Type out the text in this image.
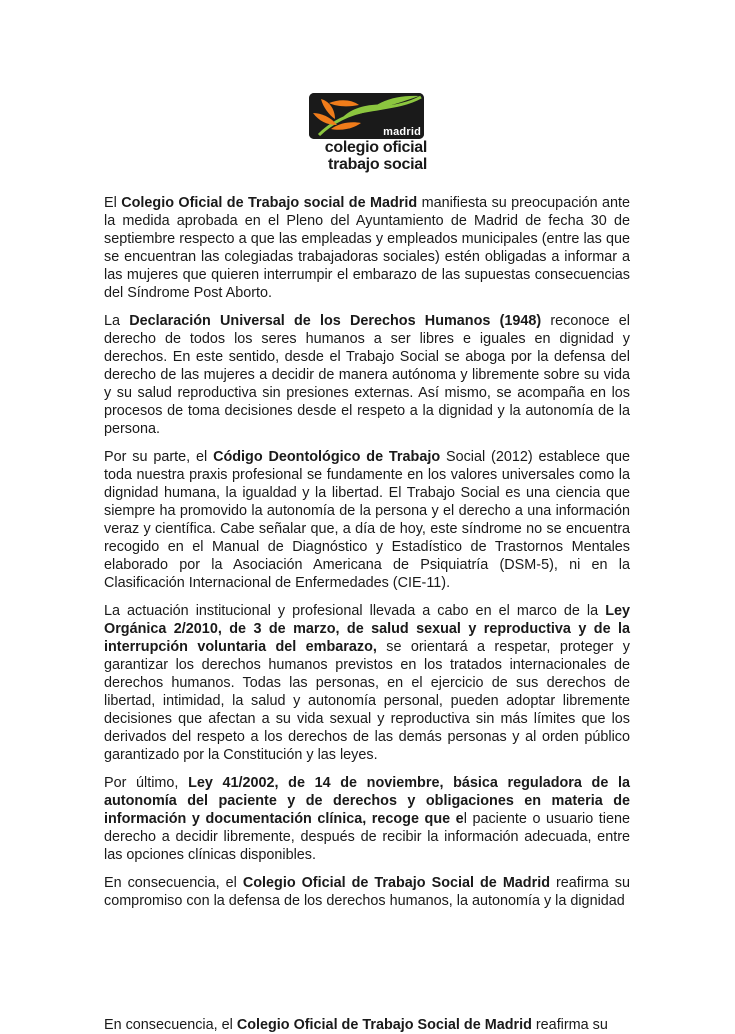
madrid
colegio oficial
trabajo social

El Colegio Oficial de Trabajo social de Madrid manifiesta su preocupación ante la medida aprobada en el Pleno del Ayuntamiento de Madrid de fecha 30 de septiembre respecto a que las empleadas y empleados municipales (entre las que se encuentran las colegiadas trabajadoras sociales) estén obligadas a informar a las mujeres que quieren interrumpir el embarazo de las supuestas consecuencias del Síndrome Post Aborto.

La Declaración Universal de los Derechos Humanos (1948) reconoce el derecho de todos los seres humanos a ser libres e iguales en dignidad y derechos. En este sentido, desde el Trabajo Social se aboga por la defensa del derecho de las mujeres a decidir de manera autónoma y libremente sobre su vida y su salud reproductiva sin presiones externas. Así mismo, se acompaña en los procesos de toma decisiones desde el respeto a la dignidad y la autonomía de la persona.

Por su parte, el Código Deontológico de Trabajo Social (2012) establece que toda nuestra praxis profesional se fundamente en los valores universales como la dignidad humana, la igualdad y la libertad. El Trabajo Social es una ciencia que siempre ha promovido la autonomía de la persona y el derecho a una información veraz y científica. Cabe señalar que, a día de hoy, este síndrome no se encuentra recogido en el Manual de Diagnóstico y Estadístico de Trastornos Mentales elaborado por la Asociación Americana de Psiquiatría (DSM-5), ni en la Clasificación Internacional de Enfermedades (CIE-11).

La actuación institucional y profesional llevada a cabo en el marco de la Ley Orgánica 2/2010, de 3 de marzo, de salud sexual y reproductiva y de la interrupción voluntaria del embarazo, se orientará a respetar, proteger y garantizar los derechos humanos previstos en los tratados internacionales de derechos humanos. Todas las personas, en el ejercicio de sus derechos de libertad, intimidad, la salud y autonomía personal, pueden adoptar libremente decisiones que afectan a su vida sexual y reproductiva sin más límites que los derivados del respeto a los derechos de las demás personas y al orden público garantizado por la Constitución y las leyes.

Por último, Ley 41/2002, de 14 de noviembre, básica reguladora de la autonomía del paciente y de derechos y obligaciones en materia de información y documentación clínica, recoge que el paciente o usuario tiene derecho a decidir libremente, después de recibir la información adecuada, entre las opciones clínicas disponibles.

En consecuencia, el Colegio Oficial de Trabajo Social de Madrid reafirma su compromiso con la defensa de los derechos humanos, la autonomía y la dignidad

En consecuencia, el Colegio Oficial de Trabajo Social de Madrid reafirma su
